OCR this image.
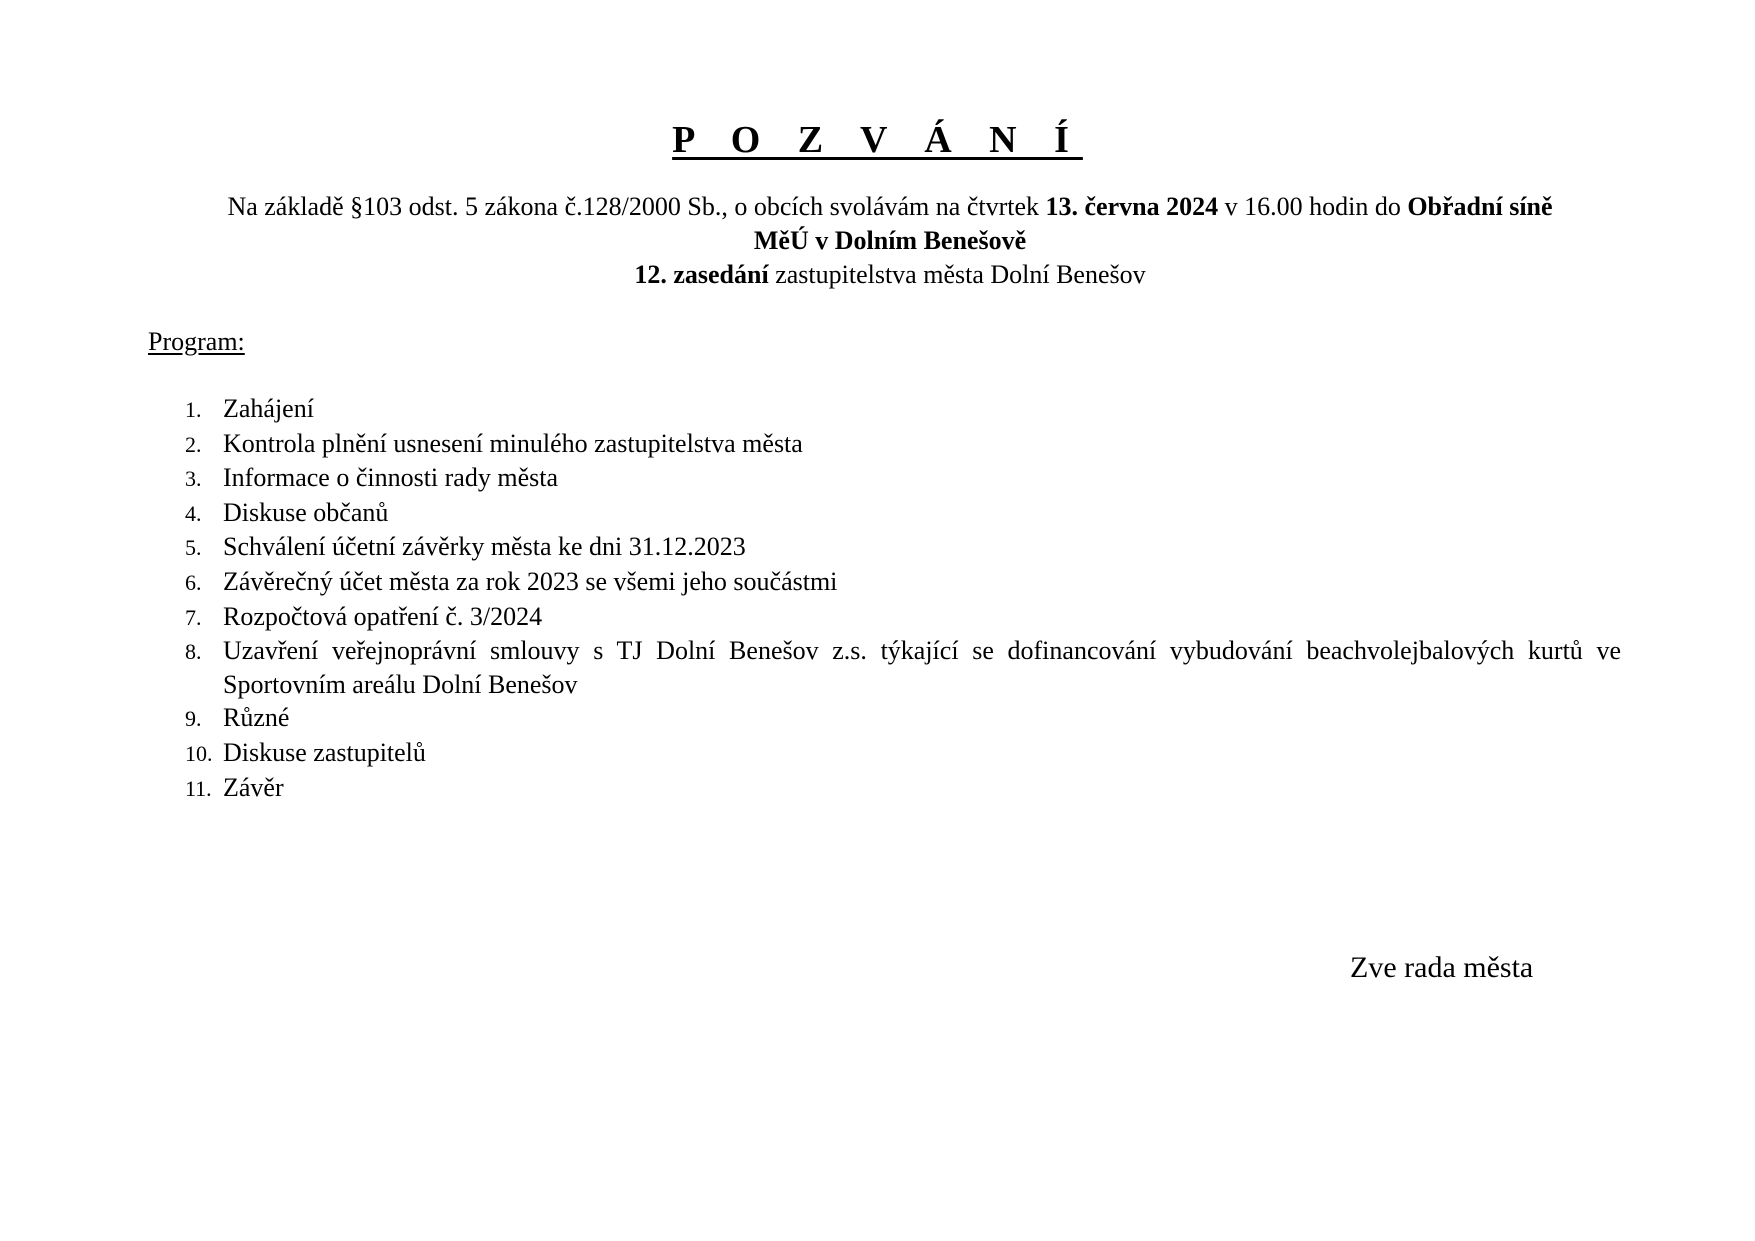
P O Z V Á N Í
Na základě §103 odst. 5 zákona č.128/2000 Sb., o obcích svolávám na čtvrtek 13. června 2024 v 16.00 hodin do Obřadní síně
MěÚ v Dolním Benešově
12. zasedání zastupitelstva města Dolní Benešov
Program:
1. Zahájení
2. Kontrola plnění usnesení minulého zastupitelstva města
3. Informace o činnosti rady města
4. Diskuse občanů
5. Schválení účetní závěrky města ke dni 31.12.2023
6. Závěrečný účet města za rok 2023 se všemi jeho součástmi
7. Rozpočtová opatření č. 3/2024
8. Uzavření veřejnoprávní smlouvy s TJ Dolní Benešov z.s. týkající se dofinancování vybudování beachvolejbalových kurtů ve Sportovním areálu Dolní Benešov
9. Různé
10. Diskuse zastupitelů
11. Závěr
Zve rada města
